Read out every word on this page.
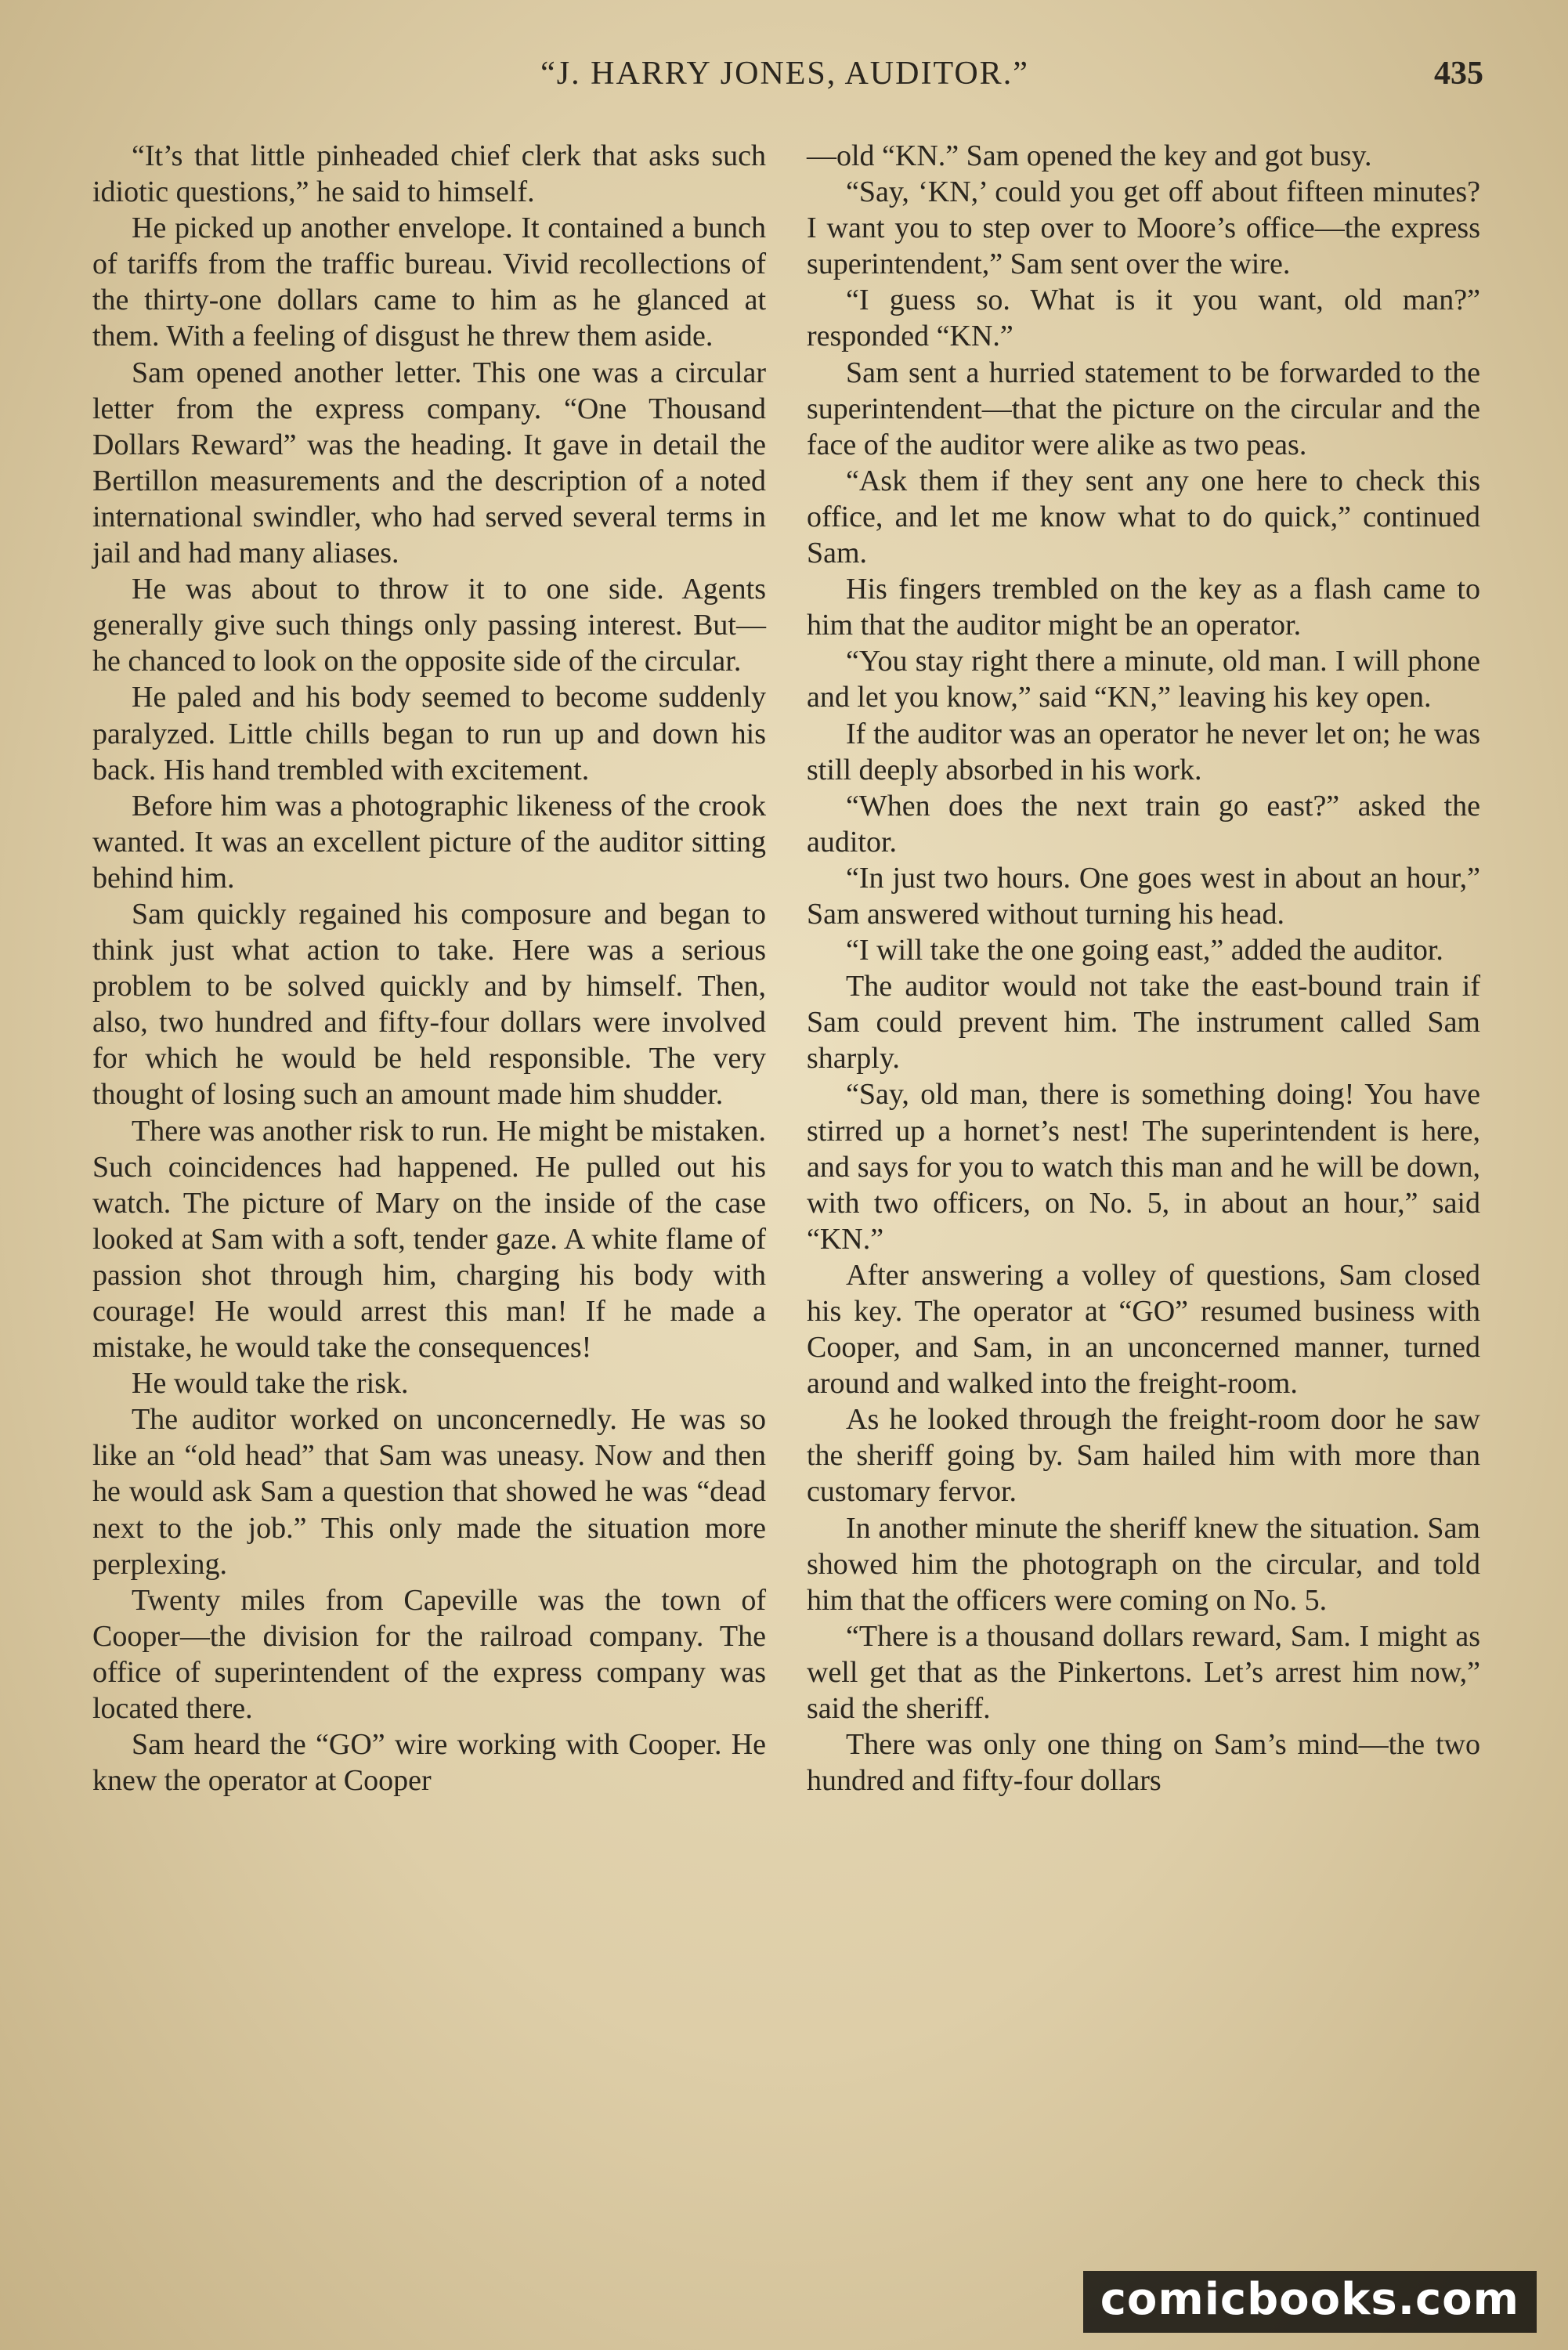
“J. HARRY JONES, AUDITOR.”	435

“It’s that little pinheaded chief clerk that asks such idiotic questions,” he said to himself.

He picked up another envelope. It contained a bunch of tariffs from the traffic bureau. Vivid recollections of the thirty-one dollars came to him as he glanced at them. With a feeling of disgust he threw them aside.

Sam opened another letter. This one was a circular letter from the express company. “One Thousand Dollars Reward” was the heading. It gave in detail the Bertillon measurements and the description of a noted international swindler, who had served several terms in jail and had many aliases.

He was about to throw it to one side. Agents generally give such things only passing interest. But—he chanced to look on the opposite side of the circular.

He paled and his body seemed to become suddenly paralyzed. Little chills began to run up and down his back. His hand trembled with excitement.

Before him was a photographic likeness of the crook wanted. It was an excellent picture of the auditor sitting behind him.

Sam quickly regained his composure and began to think just what action to take. Here was a serious problem to be solved quickly and by himself. Then, also, two hundred and fifty-four dollars were involved for which he would be held responsible. The very thought of losing such an amount made him shudder.

There was another risk to run. He might be mistaken. Such coincidences had happened. He pulled out his watch. The picture of Mary on the inside of the case looked at Sam with a soft, tender gaze. A white flame of passion shot through him, charging his body with courage! He would arrest this man! If he made a mistake, he would take the consequences!

He would take the risk.

The auditor worked on unconcernedly. He was so like an “old head” that Sam was uneasy. Now and then he would ask Sam a question that showed he was “dead next to the job.” This only made the situation more perplexing.

Twenty miles from Capeville was the town of Cooper—the division for the railroad company. The office of superintendent of the express company was located there.

Sam heard the “GO” wire working with Cooper. He knew the operator at Cooper

—old “KN.” Sam opened the key and got busy.

“Say, ‘KN,’ could you get off about fifteen minutes? I want you to step over to Moore’s office—the express superintendent,” Sam sent over the wire.

“I guess so. What is it you want, old man?” responded “KN.”

Sam sent a hurried statement to be forwarded to the superintendent—that the picture on the circular and the face of the auditor were alike as two peas.

“Ask them if they sent any one here to check this office, and let me know what to do quick,” continued Sam.

His fingers trembled on the key as a flash came to him that the auditor might be an operator.

“You stay right there a minute, old man. I will phone and let you know,” said “KN,” leaving his key open.

If the auditor was an operator he never let on; he was still deeply absorbed in his work.

“When does the next train go east?” asked the auditor.

“In just two hours. One goes west in about an hour,” Sam answered without turning his head.

“I will take the one going east,” added the auditor.

The auditor would not take the east-bound train if Sam could prevent him. The instrument called Sam sharply.

“Say, old man, there is something doing! You have stirred up a hornet’s nest! The superintendent is here, and says for you to watch this man and he will be down, with two officers, on No. 5, in about an hour,” said “KN.”

After answering a volley of questions, Sam closed his key. The operator at “GO” resumed business with Cooper, and Sam, in an unconcerned manner, turned around and walked into the freight-room.

As he looked through the freight-room door he saw the sheriff going by. Sam hailed him with more than customary fervor.

In another minute the sheriff knew the situation. Sam showed him the photograph on the circular, and told him that the officers were coming on No. 5.

“There is a thousand dollars reward, Sam. I might as well get that as the Pinkertons. Let’s arrest him now,” said the sheriff.

There was only one thing on Sam’s mind—the two hundred and fifty-four dollars

comicbooks.com
